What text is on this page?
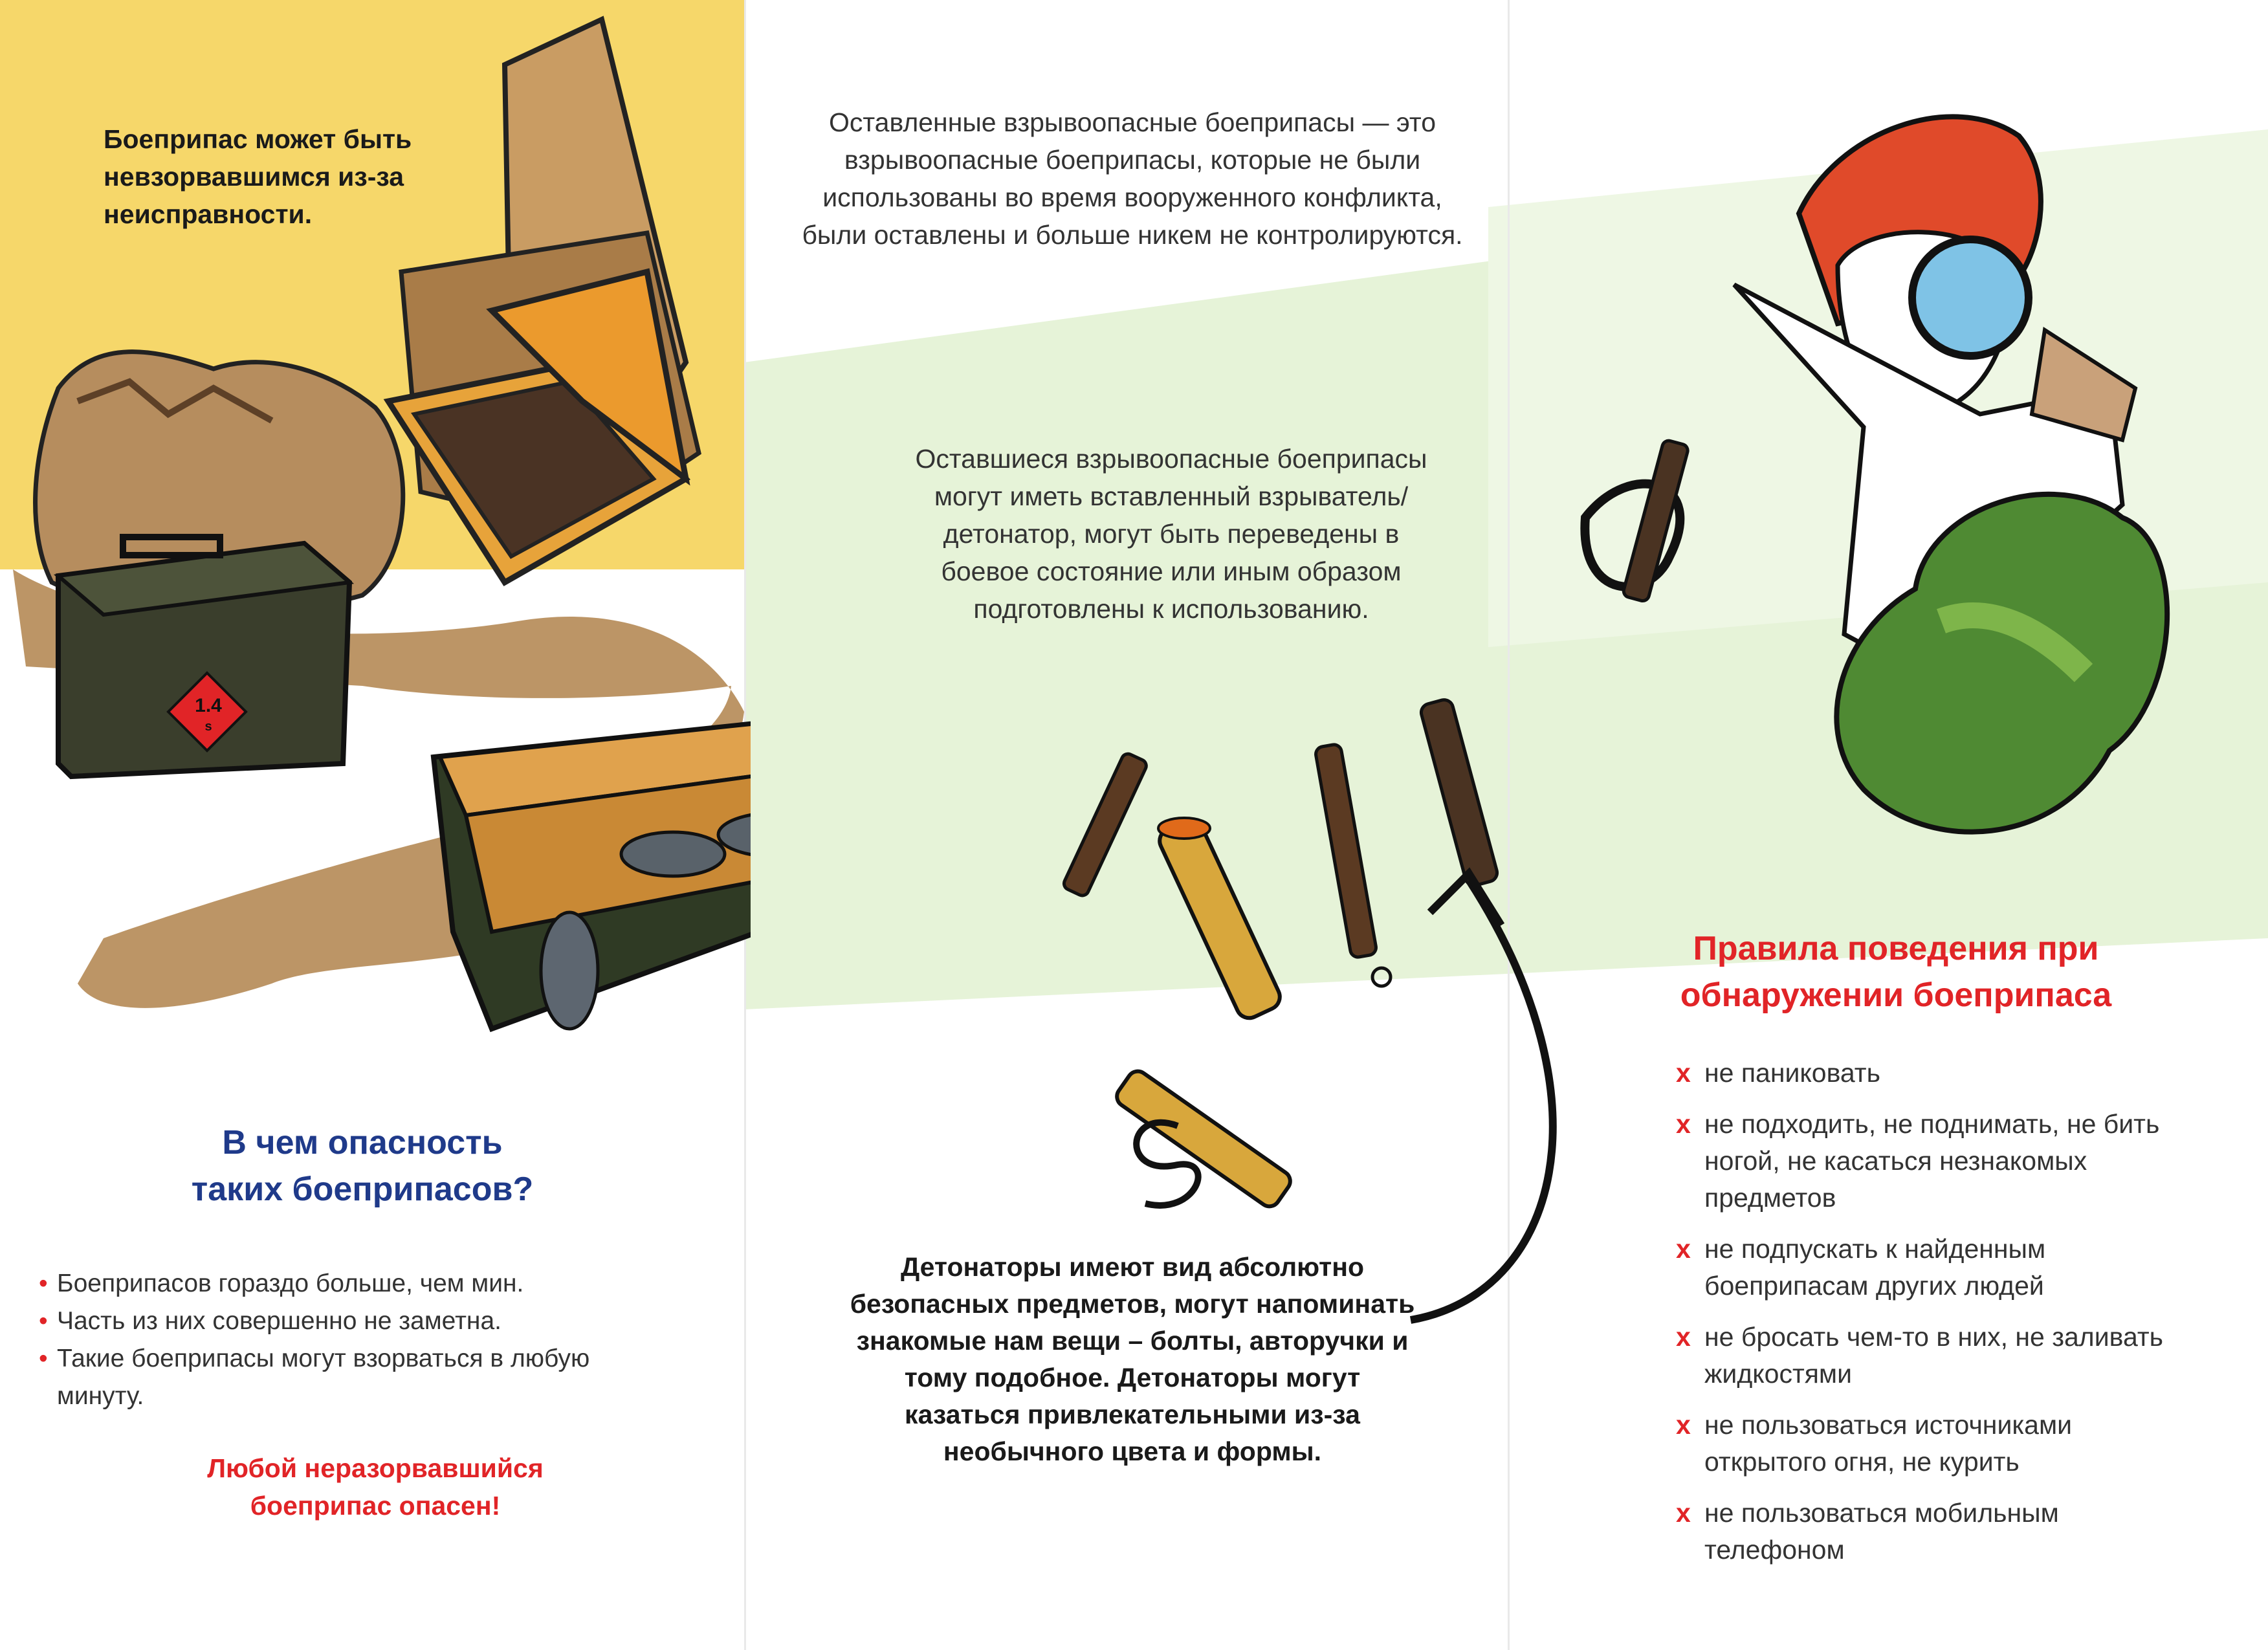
Боеприпас может быть невзорвавшимся из-за неисправности.
1.4
s
В чем опасность
таких боеприпасов?
• Боеприпасов гораздо больше, чем мин.
• Часть из них совершенно не заметна.
• Такие боеприпасы могут взорваться в любую минуту.
Любой неразорвавшийся боеприпас опасен!
Оставленные взрывоопасные боеприпасы — это взрывоопасные боеприпасы, которые не были использованы во время вооруженного конфликта, были оставлены и больше никем не контролируются.
Оставшиеся взрывоопасные боеприпасы могут иметь вставленный взрыватель/детонатор, могут быть переведены в боевое состояние или иным образом подготовлены к использованию.
Детонаторы имеют вид абсолютно безопасных предметов, могут напоминать знакомые нам вещи – болты, авторучки и тому подобное. Детонаторы могут казаться привлекательными из-за необычного цвета и формы.
Правила поведения при
обнаружении боеприпаса
x не паниковать
x не подходить, не поднимать, не бить ногой, не касаться незнакомых предметов
x не подпускать к найденным боеприпасам других людей
x не бросать чем-то в них, не заливать жидкостями
x не пользоваться источниками открытого огня, не курить
x не пользоваться мобильным телефоном
